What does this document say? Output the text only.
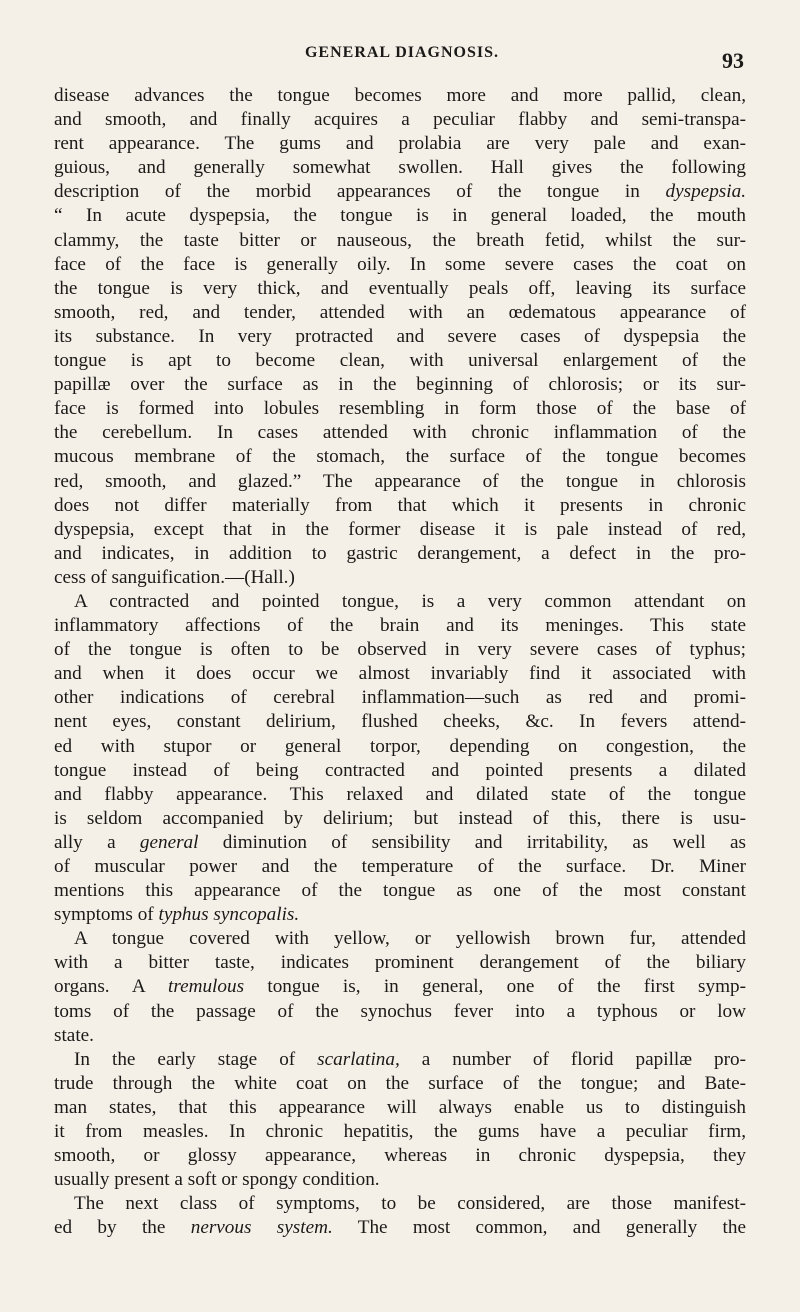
GENERAL DIAGNOSIS.	93
disease advances the tongue becomes more and more pallid, clean,
and smooth, and finally acquires a peculiar flabby and semi-transpa-
rent appearance. The gums and prolabia are very pale and exan-
guious, and generally somewhat swollen. Hall gives the following
description of the morbid appearances of the tongue in dyspepsia.
“ In acute dyspepsia, the tongue is in general loaded, the mouth
clammy, the taste bitter or nauseous, the breath fetid, whilst the sur-
face of the face is generally oily. In some severe cases the coat on
the tongue is very thick, and eventually peals off, leaving its surface
smooth, red, and tender, attended with an œdematous appearance of
its substance. In very protracted and severe cases of dyspepsia the
tongue is apt to become clean, with universal enlargement of the
papillæ over the surface as in the beginning of chlorosis; or its sur-
face is formed into lobules resembling in form those of the base of
the cerebellum. In cases attended with chronic inflammation of the
mucous membrane of the stomach, the surface of the tongue becomes
red, smooth, and glazed.” The appearance of the tongue in chlorosis
does not differ materially from that which it presents in chronic
dyspepsia, except that in the former disease it is pale instead of red,
and indicates, in addition to gastric derangement, a defect in the pro-
cess of sanguification.—(Hall.)
A contracted and pointed tongue, is a very common attendant on
inflammatory affections of the brain and its meninges. This state
of the tongue is often to be observed in very severe cases of typhus;
and when it does occur we almost invariably find it associated with
other indications of cerebral inflammation—such as red and promi-
nent eyes, constant delirium, flushed cheeks, &c. In fevers attend-
ed with stupor or general torpor, depending on congestion, the
tongue instead of being contracted and pointed presents a dilated
and flabby appearance. This relaxed and dilated state of the tongue
is seldom accompanied by delirium; but instead of this, there is usu-
ally a general diminution of sensibility and irritability, as well as
of muscular power and the temperature of the surface. Dr. Miner
mentions this appearance of the tongue as one of the most constant
symptoms of typhus syncopalis.
A tongue covered with yellow, or yellowish brown fur, attended
with a bitter taste, indicates prominent derangement of the biliary
organs. A tremulous tongue is, in general, one of the first symp-
toms of the passage of the synochus fever into a typhous or low
state.
In the early stage of scarlatina, a number of florid papillæ pro-
trude through the white coat on the surface of the tongue; and Bate-
man states, that this appearance will always enable us to distinguish
it from measles. In chronic hepatitis, the gums have a peculiar firm,
smooth, or glossy appearance, whereas in chronic dyspepsia, they
usually present a soft or spongy condition.
The next class of symptoms, to be considered, are those manifest-
ed by the nervous system. The most common, and generally the
